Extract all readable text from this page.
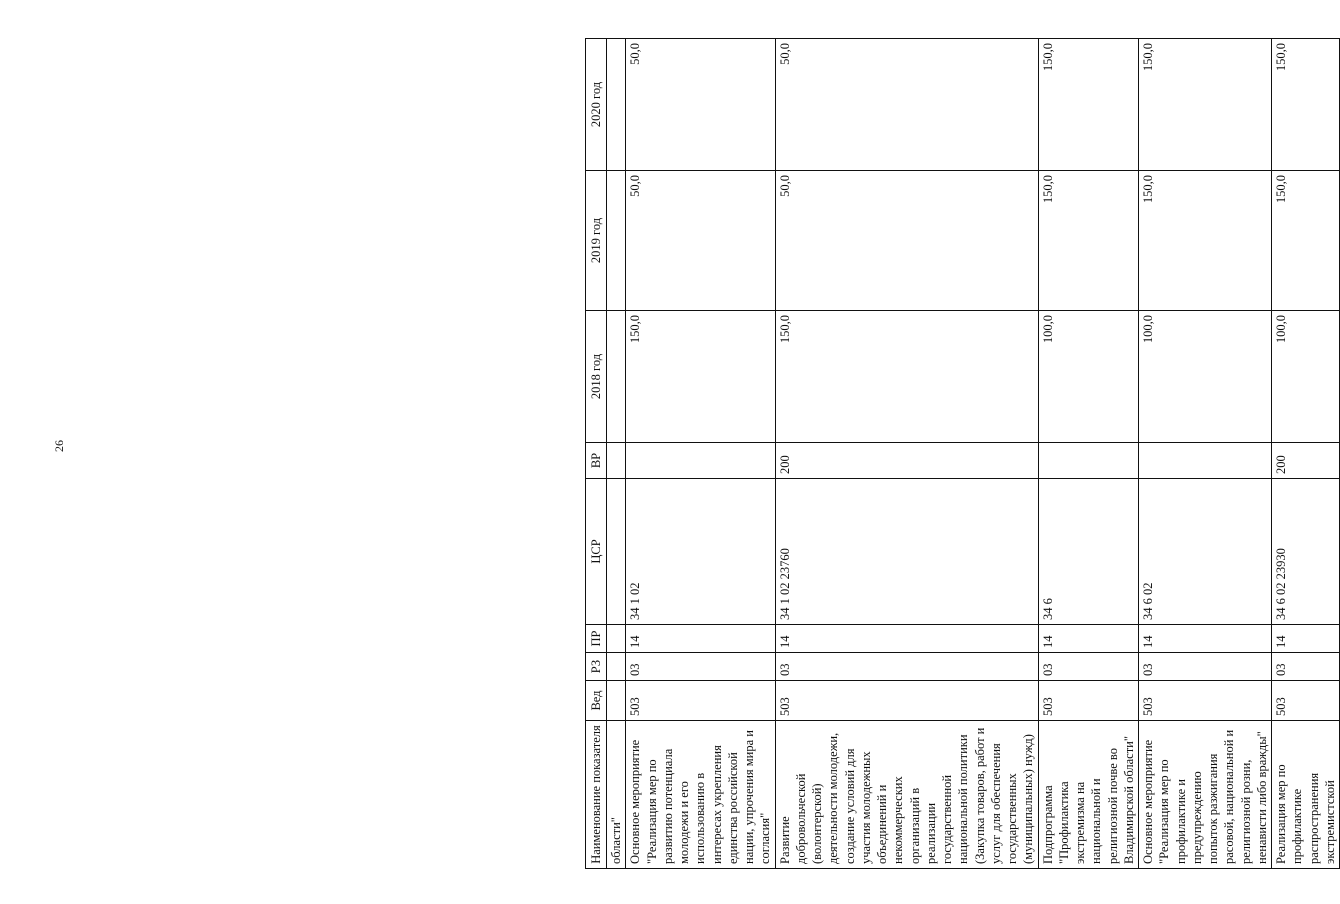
26
Наименование показателя	Вед	РЗ	ПР	ЦСР	ВР	2018 год	2019 год	2020 год
области"								
Основное мероприятие "Реализация мер по развитию потенциала молодежи и его использованию в интересах укрепления единства российской нации, упрочения мира и согласия"	503	03	14	34 1 02		150,0	50,0	50,0
Развитие добровольческой (волонтерской) деятельности молодежи, создание условий для участия молодежных объединений и некоммерческих организаций в реализации государственной национальной политики (Закупка товаров, работ и услуг для обеспечения государственных (муниципальных) нужд)	503	03	14	34 1 02 23760	200	150,0	50,0	50,0
Подпрограмма "Профилактика экстремизма на национальной и религиозной почве во Владимирской области"	503	03	14	34 6		100,0	150,0	150,0
Основное мероприятие "Реализация мер по профилактике и предупреждению попыток разжигания расовой, национальной и религиозной розни, ненависти либо вражды"	503	03	14	34 6 02		100,0	150,0	150,0
Реализация мер по профилактике распространения экстремистской	503	03	14	34 6 02 23930	200	100,0	150,0	150,0
